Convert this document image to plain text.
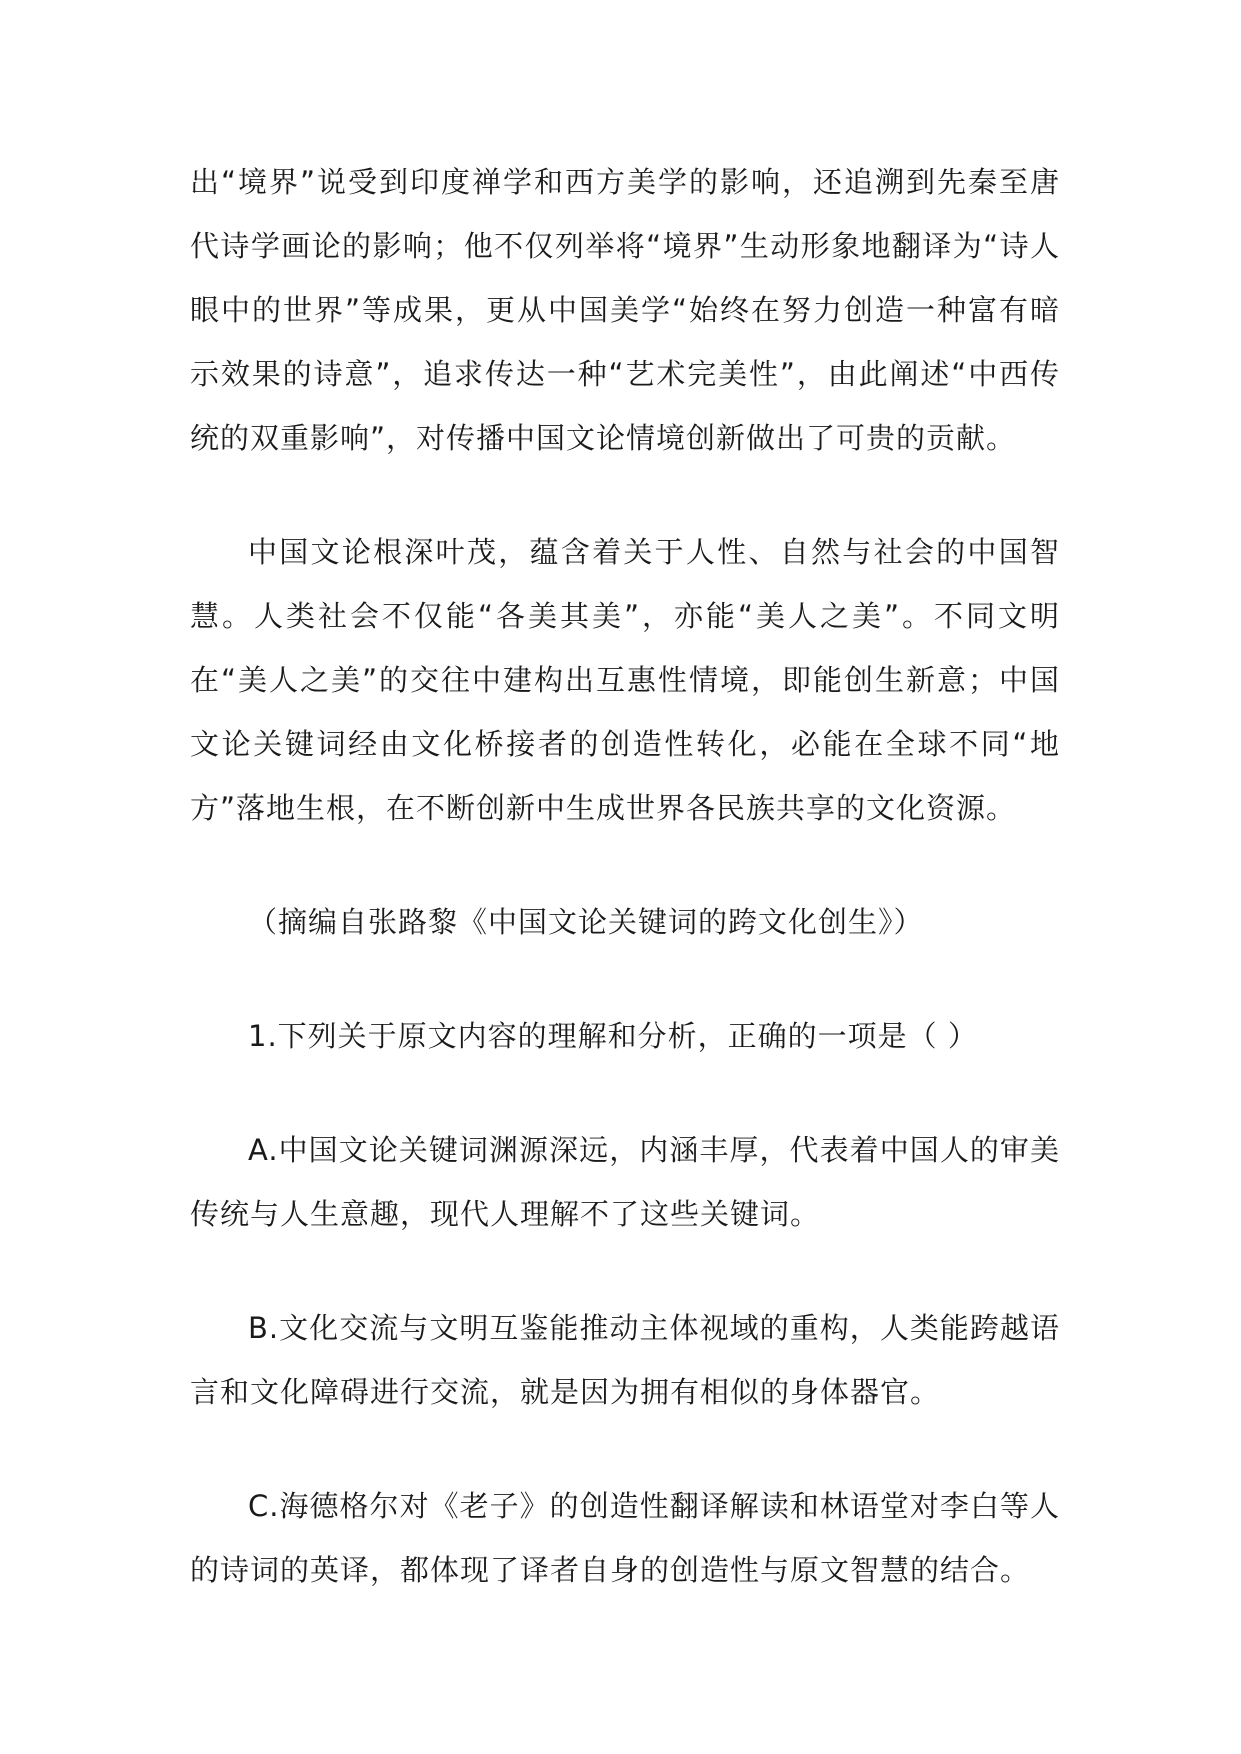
出“境界”说受到印度禅学和西方美学的影响，还追溯到先秦至唐代诗学画论的影响；他不仅列举将“境界”生动形象地翻译为“诗人眼中的世界”等成果，更从中国美学“始终在努力创造一种富有暗示效果的诗意”，追求传达一种“艺术完美性”，由此阐述“中西传统的双重影响”，对传播中国文论情境创新做出了可贵的贡献。

中国文论根深叶茂，蕴含着关于人性、自然与社会的中国智慧。人类社会不仅能“各美其美”，亦能“美人之美”。不同文明在“美人之美”的交往中建构出互惠性情境，即能创生新意；中国文论关键词经由文化桥接者的创造性转化，必能在全球不同“地方”落地生根，在不断创新中生成世界各民族共享的文化资源。

（摘编自张路黎《中国文论关键词的跨文化创生》）

1.下列关于原文内容的理解和分析，正确的一项是（ ）

A.中国文论关键词渊源深远，内涵丰厚，代表着中国人的审美传统与人生意趣，现代人理解不了这些关键词。

B.文化交流与文明互鉴能推动主体视域的重构，人类能跨越语言和文化障碍进行交流，就是因为拥有相似的身体器官。

C.海德格尔对《老子》的创造性翻译解读和林语堂对李白等人的诗词的英译，都体现了译者自身的创造性与原文智慧的结合。
